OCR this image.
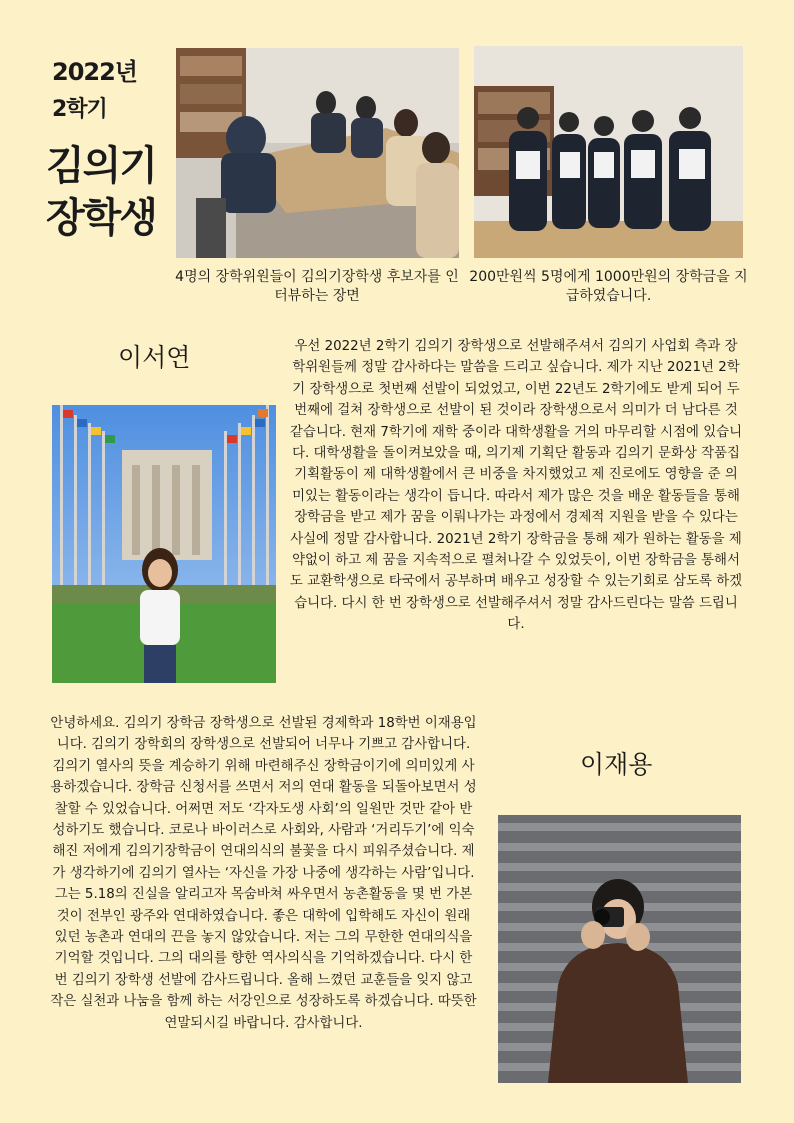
2022년
2학기
김의기
장학생
4명의 장학위원들이 김의기장학생 후보자를 인터뷰하는 장면
200만원씩 5명에게 1000만원의 장학금을 지급하였습니다.
이서연	우선 2022년 2학기 김의기 장학생으로 선발해주셔서 김의기 사업회 측과 장학위원들께 정말 감사하다는 말씀을 드리고 싶습니다. 제가 지난 2021년 2학기 장학생으로 첫번째 선발이 되었었고, 이번 22년도 2학기에도 받게 되어 두번째에 걸쳐 장학생으로 선발이 된 것이라 장학생으로서 의미가 더 남다른 것 같습니다. 현재 7학기에 재학 중이라 대학생활을 거의 마무리할 시점에 있습니다. 대학생활을 돌이켜보았을 때, 의기제 기획단 활동과 김의기 문화상 작품집 기획활동이 제 대학생활에서 큰 비중을 차지했었고 제 진로에도 영향을 준 의미있는 활동이라는 생각이 듭니다. 따라서 제가 많은 것을 배운 활동들을 통해 장학금을 받고 제가 꿈을 이뤄나가는 과정에서 경제적 지원을 받을 수 있다는 사실에 정말 감사합니다. 2021년 2학기 장학금을 통해 제가 원하는 활동을 제약없이 하고 제 꿈을 지속적으로 펼쳐나갈 수 있었듯이, 이번 장학금을 통해서도 교환학생으로 타국에서 공부하며 배우고 성장할 수 있는기회로 삼도록 하겠습니다. 다시 한 번 장학생으로 선발해주셔서 정말 감사드린다는 말씀 드립니다.

안녕하세요. 김의기 장학금 장학생으로 선발된 경제학과 18학번 이재용입니다. 김의기 장학회의 장학생으로 선발되어 너무나 기쁘고 감사합니다. 김의기 열사의 뜻을 계승하기 위해 마련해주신 장학금이기에 의미있게 사용하겠습니다. 장학금 신청서를 쓰면서 저의 연대 활동을 되돌아보면서 성찰할 수 있었습니다. 어쩌면 저도 ‘각자도생 사회’의 일원만 것만 같아 반성하기도 했습니다. 코로나 바이러스로 사회와, 사람과 ‘거리두기’에 익숙해진 저에게 김의기장학금이 연대의식의 불꽃을 다시 피워주셨습니다. 제가 생각하기에 김의기 열사는 ‘자신을 가장 나중에 생각하는 사람’입니다. 그는 5.18의 진실을 알리고자 목숨바쳐 싸우면서 농촌활동을 몇 번 가본 것이 전부인 광주와 연대하였습니다. 좋은 대학에 입학해도 자신이 원래 있던 농촌과 연대의 끈을 놓지 않았습니다. 저는 그의 무한한 연대의식을 기억할 것입니다. 그의 대의를 향한 역사의식을 기억하겠습니다. 다시 한 번 김의기 장학생 선발에 감사드립니다. 올해 느꼈던 교훈들을 잊지 않고 작은 실천과 나눔을 함께 하는 서강인으로 성장하도록 하겠습니다. 따뜻한 연말되시길 바랍니다. 감사합니다.

이재용
